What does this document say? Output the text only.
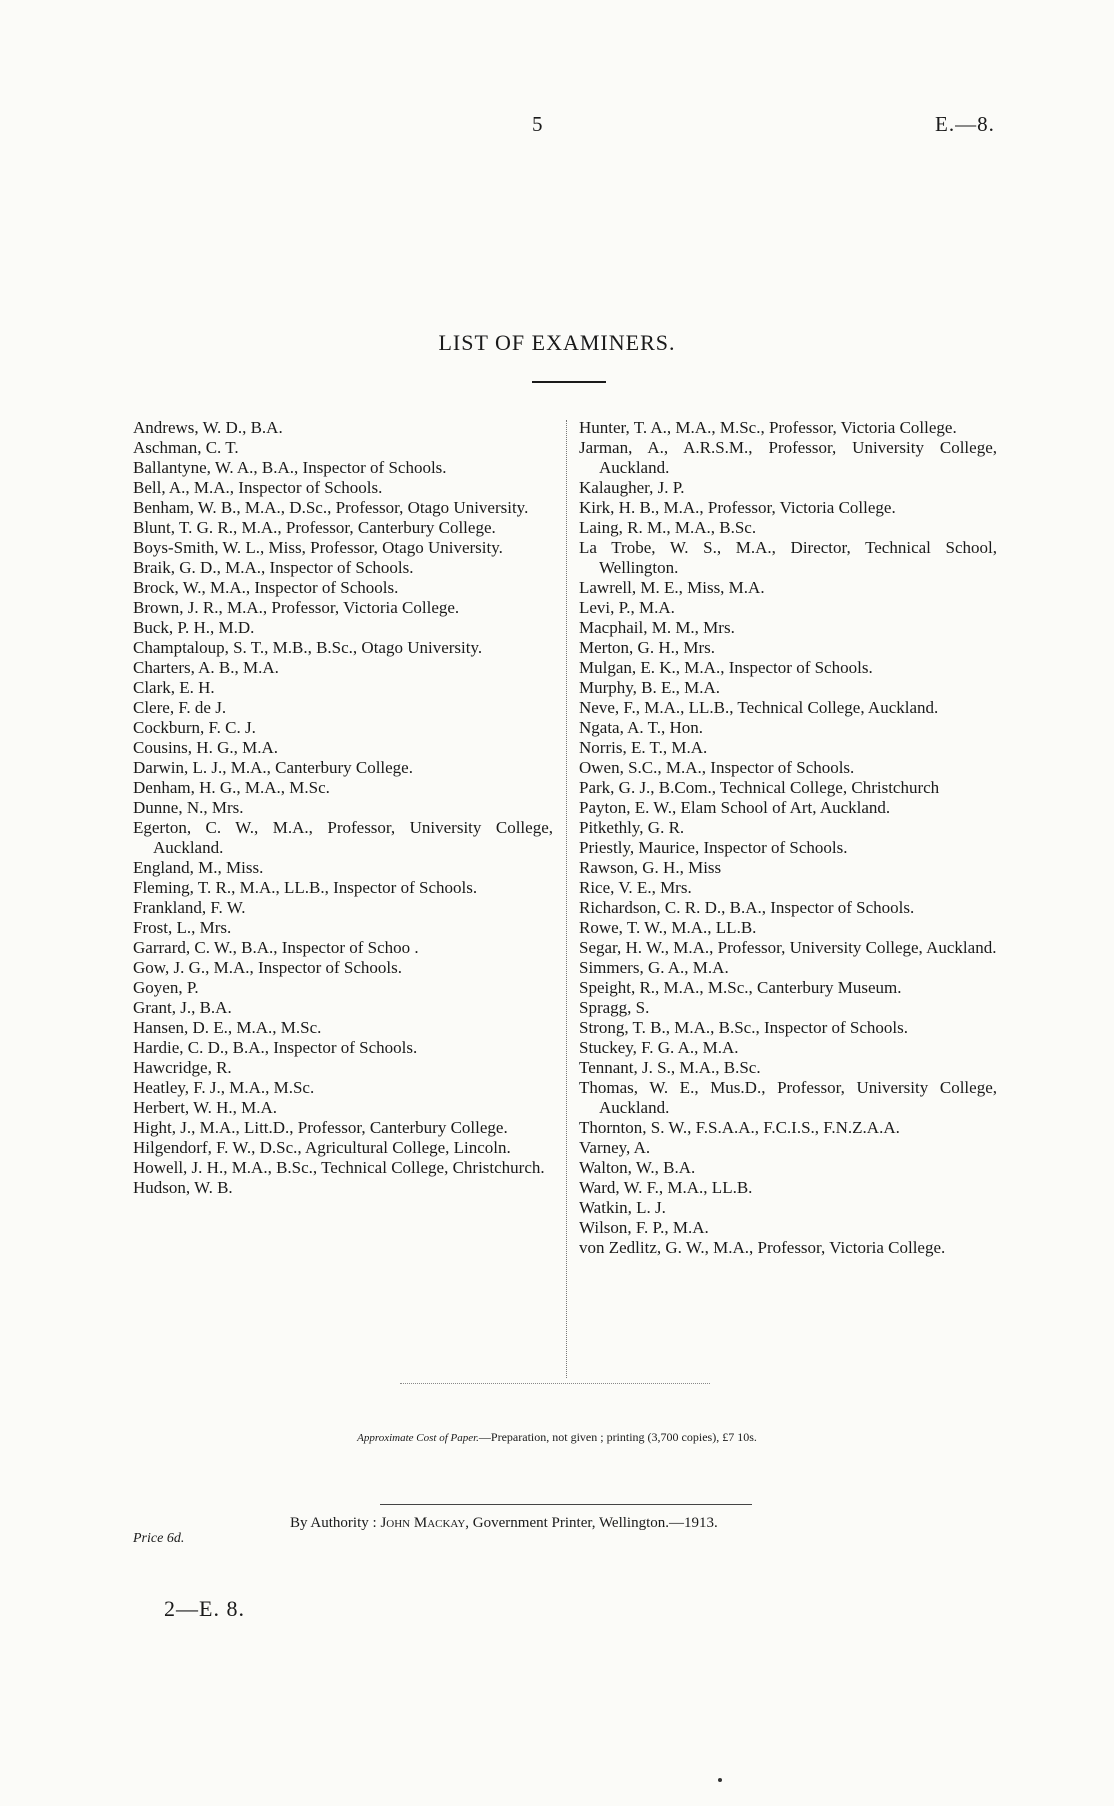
5	E.—8.
LIST OF EXAMINERS.
Andrews, W. D., B.A.
Aschman, C. T.
Ballantyne, W. A., B.A., Inspector of Schools.
Bell, A., M.A., Inspector of Schools.
Benham, W. B., M.A., D.Sc., Professor, Otago University.
Blunt, T. G. R., M.A., Professor, Canterbury College.
Boys-Smith, W. L., Miss, Professor, Otago University.
Braik, G. D., M.A., Inspector of Schools.
Brock, W., M.A., Inspector of Schools.
Brown, J. R., M.A., Professor, Victoria College.
Buck, P. H., M.D.
Champtaloup, S. T., M.B., B.Sc., Otago University.
Charters, A. B., M.A.
Clark, E. H.
Clere, F. de J.
Cockburn, F. C. J.
Cousins, H. G., M.A.
Darwin, L. J., M.A., Canterbury College.
Denham, H. G., M.A., M.Sc.
Dunne, N., Mrs.
Egerton, C. W., M.A., Professor, University College, Auckland.
England, M., Miss.
Fleming, T. R., M.A., LL.B., Inspector of Schools.
Frankland, F. W.
Frost, L., Mrs.
Garrard, C. W., B.A., Inspector of Schoo .
Gow, J. G., M.A., Inspector of Schools.
Goyen, P.
Grant, J., B.A.
Hansen, D. E., M.A., M.Sc.
Hardie, C. D., B.A., Inspector of Schools.
Hawcridge, R.
Heatley, F. J., M.A., M.Sc.
Herbert, W. H., M.A.
Hight, J., M.A., Litt.D., Professor, Canterbury College.
Hilgendorf, F. W., D.Sc., Agricultural College, Lincoln.
Howell, J. H., M.A., B.Sc., Technical College, Christchurch.
Hudson, W. B.
Hunter, T. A., M.A., M.Sc., Professor, Victoria College.
Jarman, A., A.R.S.M., Professor, University College, Auckland.
Kalaugher, J. P.
Kirk, H. B., M.A., Professor, Victoria College.
Laing, R. M., M.A., B.Sc.
La Trobe, W. S., M.A., Director, Technical School, Wellington.
Lawrell, M. E., Miss, M.A.
Levi, P., M.A.
Macphail, M. M., Mrs.
Merton, G. H., Mrs.
Mulgan, E. K., M.A., Inspector of Schools.
Murphy, B. E., M.A.
Neve, F., M.A., LL.B., Technical College, Auckland.
Ngata, A. T., Hon.
Norris, E. T., M.A.
Owen, S.C., M.A., Inspector of Schools.
Park, G. J., B.Com., Technical College, Christchurch
Payton, E. W., Elam School of Art, Auckland.
Pitkethly, G. R.
Priestly, Maurice, Inspector of Schools.
Rawson, G. H., Miss
Rice, V. E., Mrs.
Richardson, C. R. D., B.A., Inspector of Schools.
Rowe, T. W., M.A., LL.B.
Segar, H. W., M.A., Professor, University College, Auckland.
Simmers, G. A., M.A.
Speight, R., M.A., M.Sc., Canterbury Museum.
Spragg, S.
Strong, T. B., M.A., B.Sc., Inspector of Schools.
Stuckey, F. G. A., M.A.
Tennant, J. S., M.A., B.Sc.
Thomas, W. E., Mus.D., Professor, University College, Auckland.
Thornton, S. W., F.S.A.A., F.C.I.S., F.N.Z.A.A.
Varney, A.
Walton, W., B.A.
Ward, W. F., M.A., LL.B.
Watkin, L. J.
Wilson, F. P., M.A.
von Zedlitz, G. W., M.A., Professor, Victoria College.
Approximate Cost of Paper.—Preparation, not given ; printing (3,700 copies), £7 10s.
Price 6d.
By Authority : John Mackay, Government Printer, Wellington.—1913.
2—E. 8.
